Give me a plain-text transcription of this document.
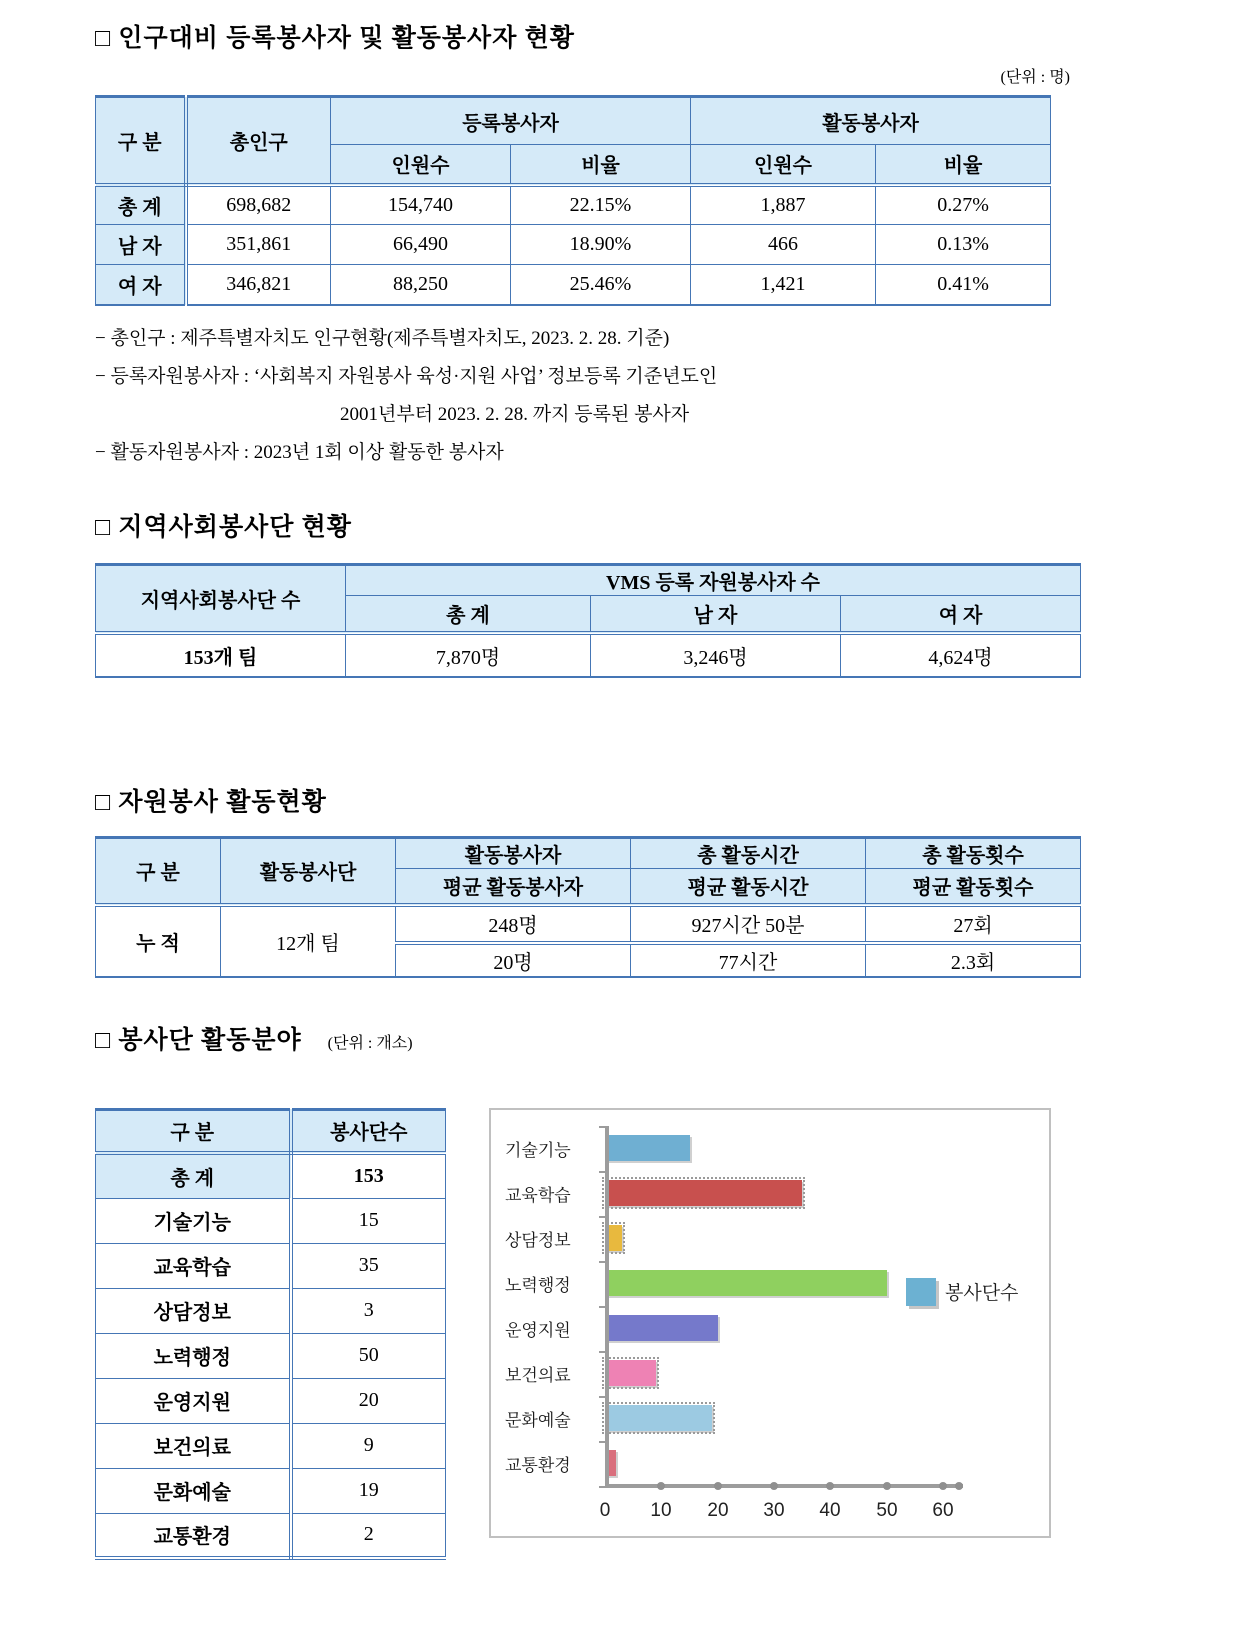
□ 인구대비 등록봉사자 및 활동봉사자 현황
(단위 : 명)
구 분	총인구	등록봉사자		활동봉사자	
		인원수	비율	인원수	비율
총 계	698,682	154,740	22.15%	1,887	0.27%
남 자	351,861	66,490	18.90%	466	0.13%
여 자	346,821	88,250	25.46%	1,421	0.41%
− 총인구 : 제주특별자치도 인구현황(제주특별자치도, 2023. 2. 28. 기준)
− 등록자원봉사자 : ‘사회복지 자원봉사 육성·지원 사업’ 정보등록 기준년도인
2001년부터 2023. 2. 28. 까지 등록된 봉사자
− 활동자원봉사자 : 2023년 1회 이상 활동한 봉사자
□ 지역사회봉사단 현황
지역사회봉사단 수	VMS 등록 자원봉사자 수		
	총 계	남 자	여 자
153개 팀	7,870명	3,246명	4,624명
□ 자원봉사 활동현황
구 분	활동봉사단	활동봉사자	총 활동시간	총 활동횟수
		평균 활동봉사자	평균 활동시간	평균 활동횟수
누 적	12개 팀	248명	927시간 50분	27회
		20명	77시간	2.3회
□ 봉사단 활동분야 (단위 : 개소)
구 분	봉사단수
총 계	153
기술기능	15
교육학습	35
상담정보	3
노력행정	50
운영지원	20
보건의료	9
문화예술	19
교통환경	2
기술기능
교육학습
상담정보
노력행정
운영지원
보건의료
문화예술
교통환경
0 10 20 30 40 50 60
봉사단수
